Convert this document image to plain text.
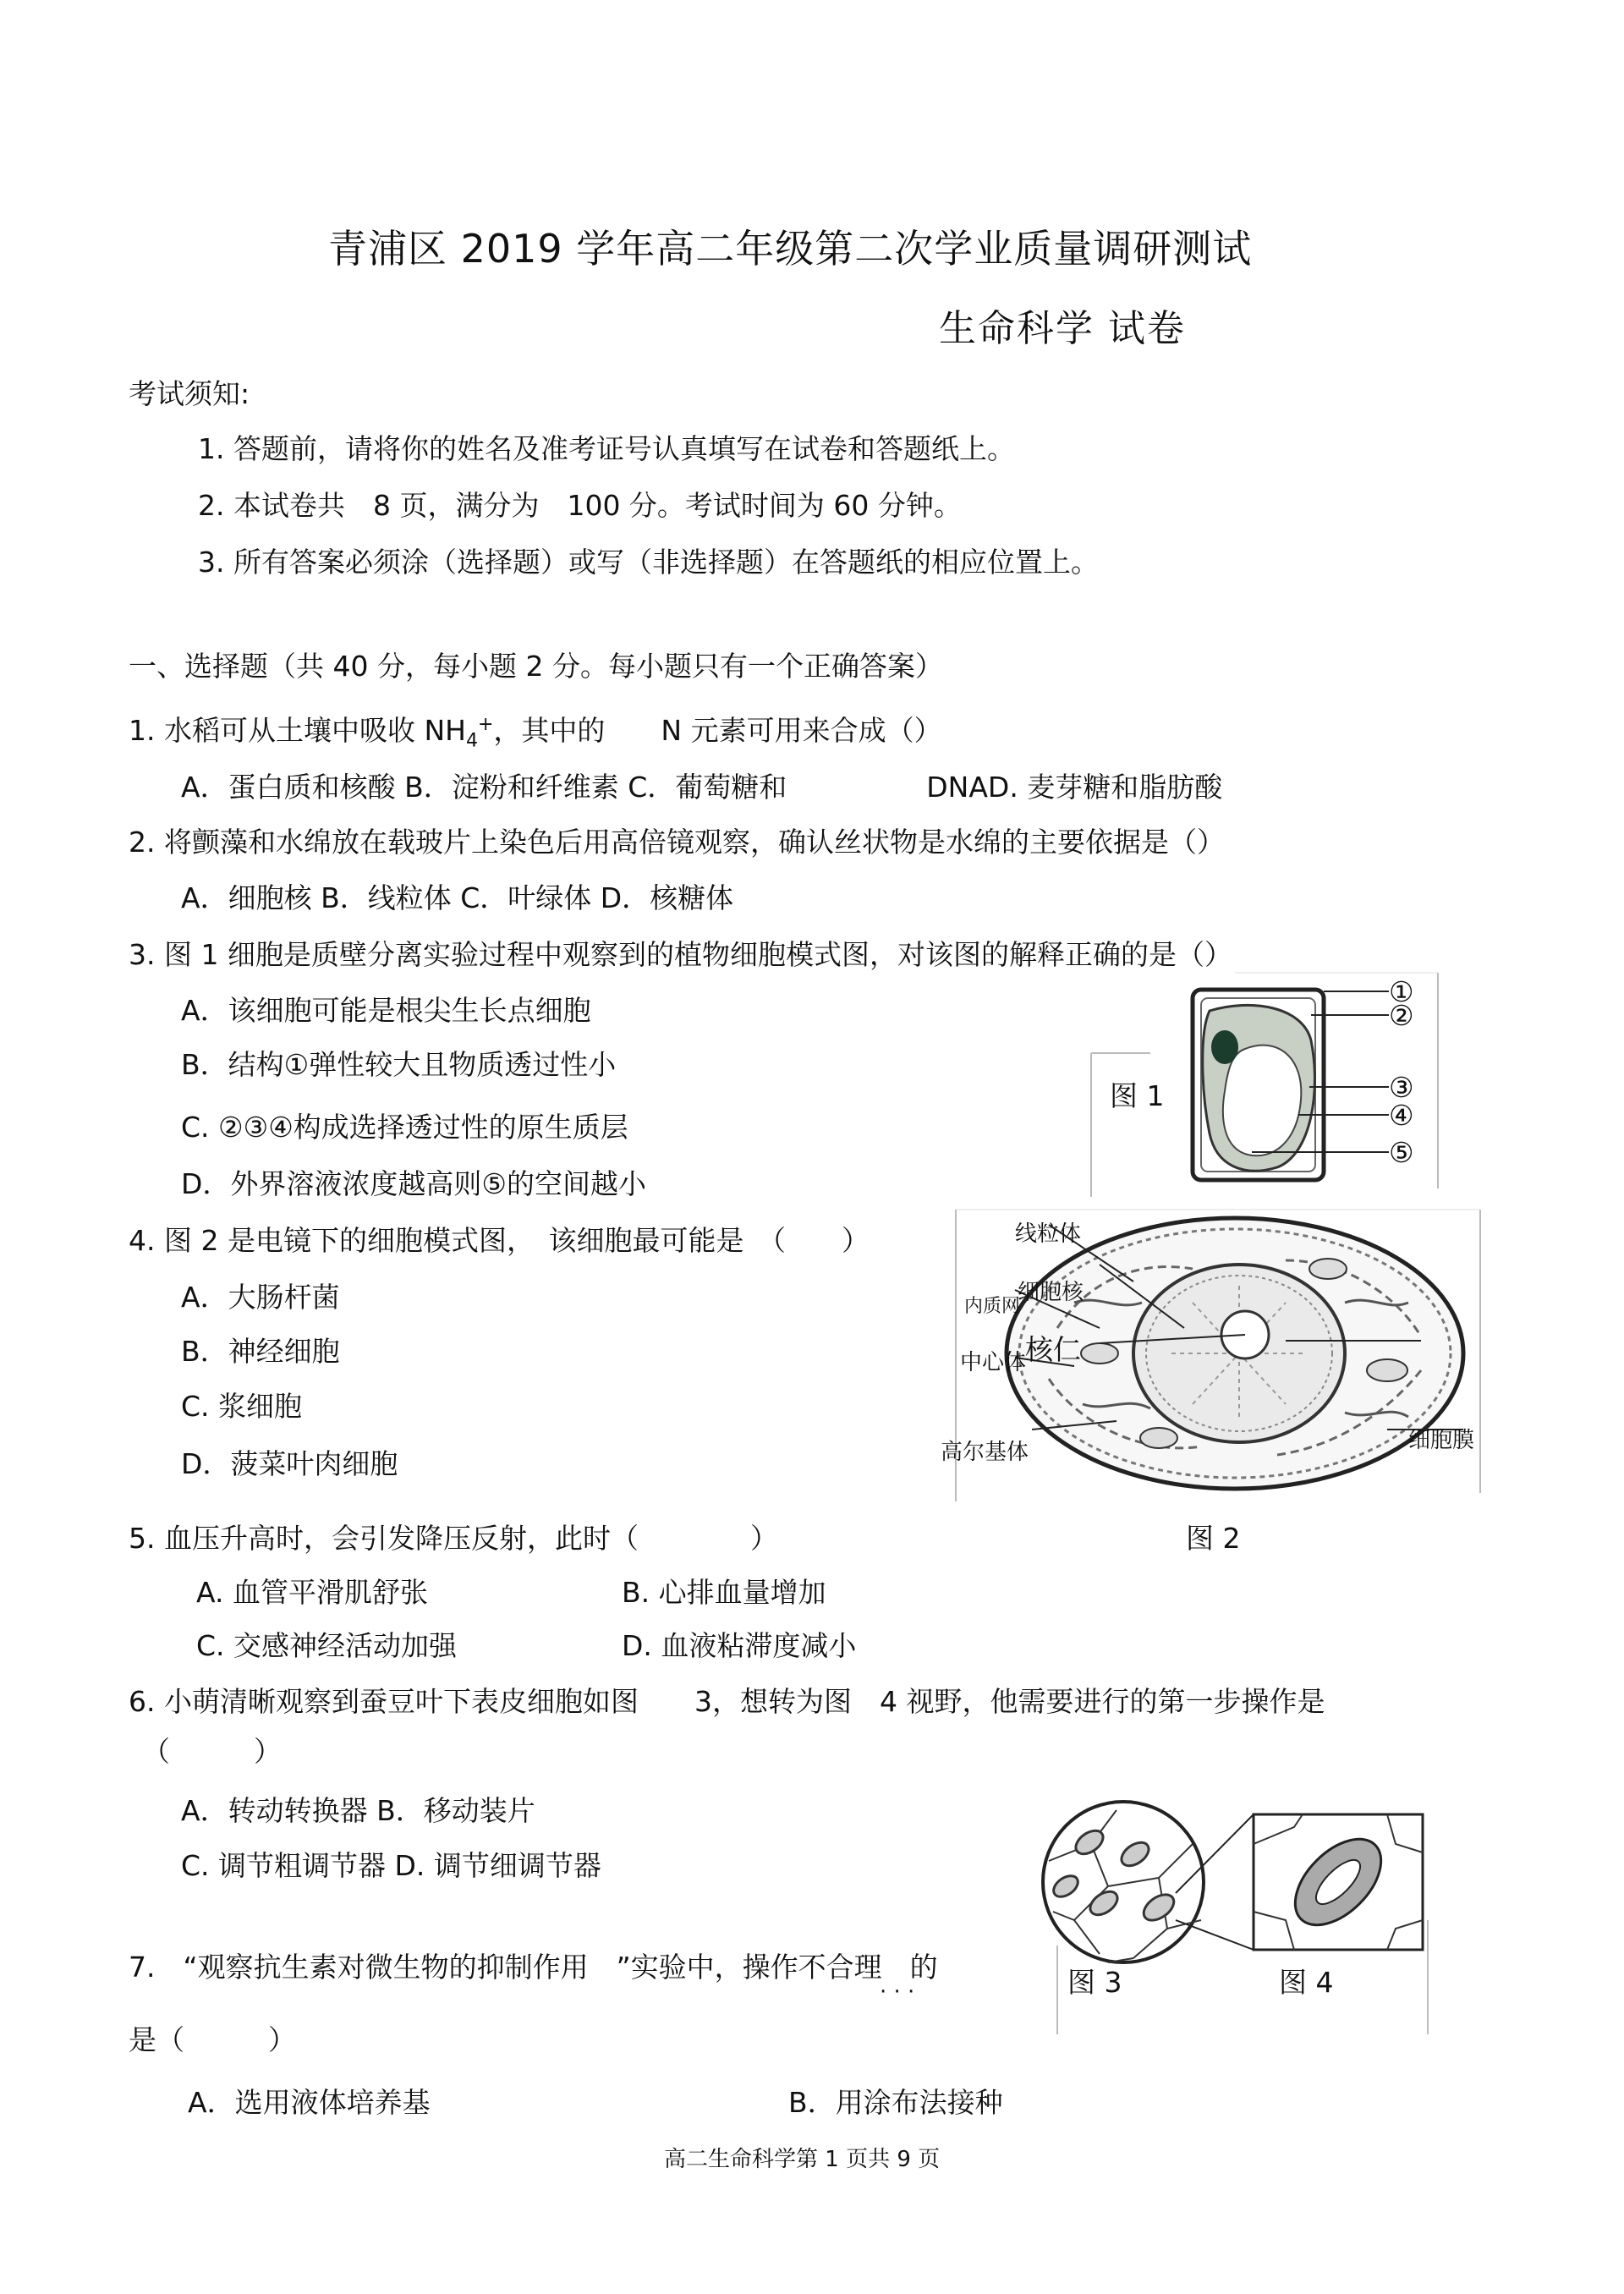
青浦区 2019 学年高二年级第二次学业质量调研测试
生命科学 试卷
考试须知:
1. 答题前，请将你的姓名及准考证号认真填写在试卷和答题纸上。
2. 本试卷共　8 页，满分为　100 分。考试时间为 60 分钟。
3. 所有答案必须涂（选择题）或写（非选择题）在答题纸的相应位置上。
一、选择题（共 40 分，每小题 2 分。每小题只有一个正确答案）
1. 水稻可从土壤中吸收 $NH_4^+$，其中的　　N 元素可用来合成（）
A．蛋白质和核酸 B．淀粉和纤维素 C．葡萄糖和　　　　　DNAD. 麦芽糖和脂肪酸
2. 将颤藻和水绵放在载玻片上染色后用高倍镜观察，确认丝状物是水绵的主要依据是（）
A．细胞核 B．线粒体 C．叶绿体 D．核糖体
3. 图 1 细胞是质壁分离实验过程中观察到的植物细胞模式图，对该图的解释正确的是（）
A．该细胞可能是根尖生长点细胞
B．结构①弹性较大且物质透过性小
C. ②③④构成选择透过性的原生质层
D．外界溶液浓度越高则⑤的空间越小
图 1
①
②
③
④
⑤
4. 图 2 是电镜下的细胞模式图，　该细胞最可能是　（　　）
A．大肠杆菌
B．神经细胞
C. 浆细胞
D．菠菜叶肉细胞
线粒体
内质网
细胞核
中心体
核仁
高尔基体	细胞膜
图 2
5. 血压升高时，会引发降压反射，此时（　　　　）
A. 血管平滑肌舒张	B. 心排血量增加
C. 交感神经活动加强	D. 血液粘滞度减小
6. 小萌清晰观察到蚕豆叶下表皮细胞如图　　3，想转为图　4 视野，他需要进行的第一步操作是
（　　　）
A．转动转换器 B．移动装片
C. 调节粗调节器 D. 调节细调节器
图 3	图 4
7.　“观察抗生素对微生物的抑制作用　”实验中，操作不合理　的
· · ·
是（　　　）
A．选用液体培养基	B．用涂布法接种
高二生命科学第 1 页共 9 页
